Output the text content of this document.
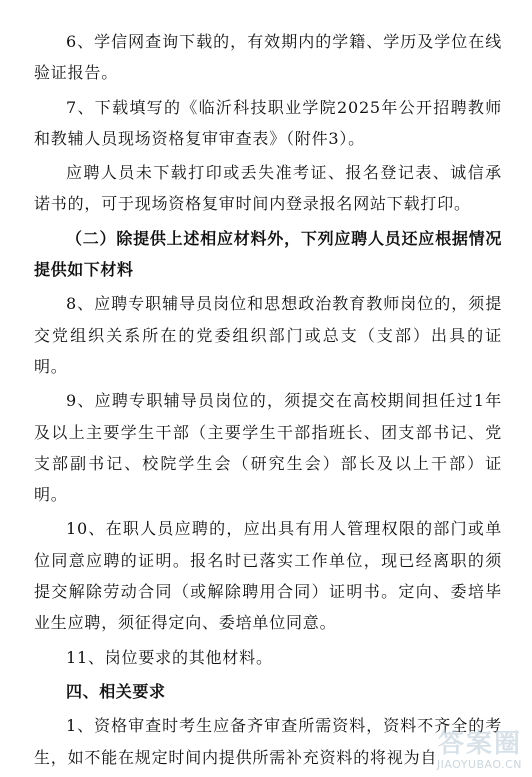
6、学信网查询下载的，有效期内的学籍、学历及学位在线验证报告。

7、下载填写的《临沂科技职业学院2025年公开招聘教师和教辅人员现场资格复审审查表》（附件3）。

应聘人员未下载打印或丢失准考证、报名登记表、诚信承诺书的，可于现场资格复审时间内登录报名网站下载打印。

（二）除提供上述相应材料外，下列应聘人员还应根据情况提供如下材料

8、应聘专职辅导员岗位和思想政治教育教师岗位的，须提交党组织关系所在的党委组织部门或总支（支部）出具的证明。

9、应聘专职辅导员岗位的，须提交在高校期间担任过1年及以上主要学生干部（主要学生干部指班长、团支部书记、党支部副书记、校院学生会（研究生会）部长及以上干部）证明。

10、在职人员应聘的，应出具有用人管理权限的部门或单位同意应聘的证明。报名时已落实工作单位，现已经离职的须提交解除劳动合同（或解除聘用合同）证明书。定向、委培毕业生应聘，须征得定向、委培单位同意。

11、岗位要求的其他材料。

四、相关要求

1、资格审查时考生应备齐审查所需资料，资料不齐全的考生，如不能在规定时间内提供所需补充资料的将视为自 答案圈
JIAOYUBAO.CN
